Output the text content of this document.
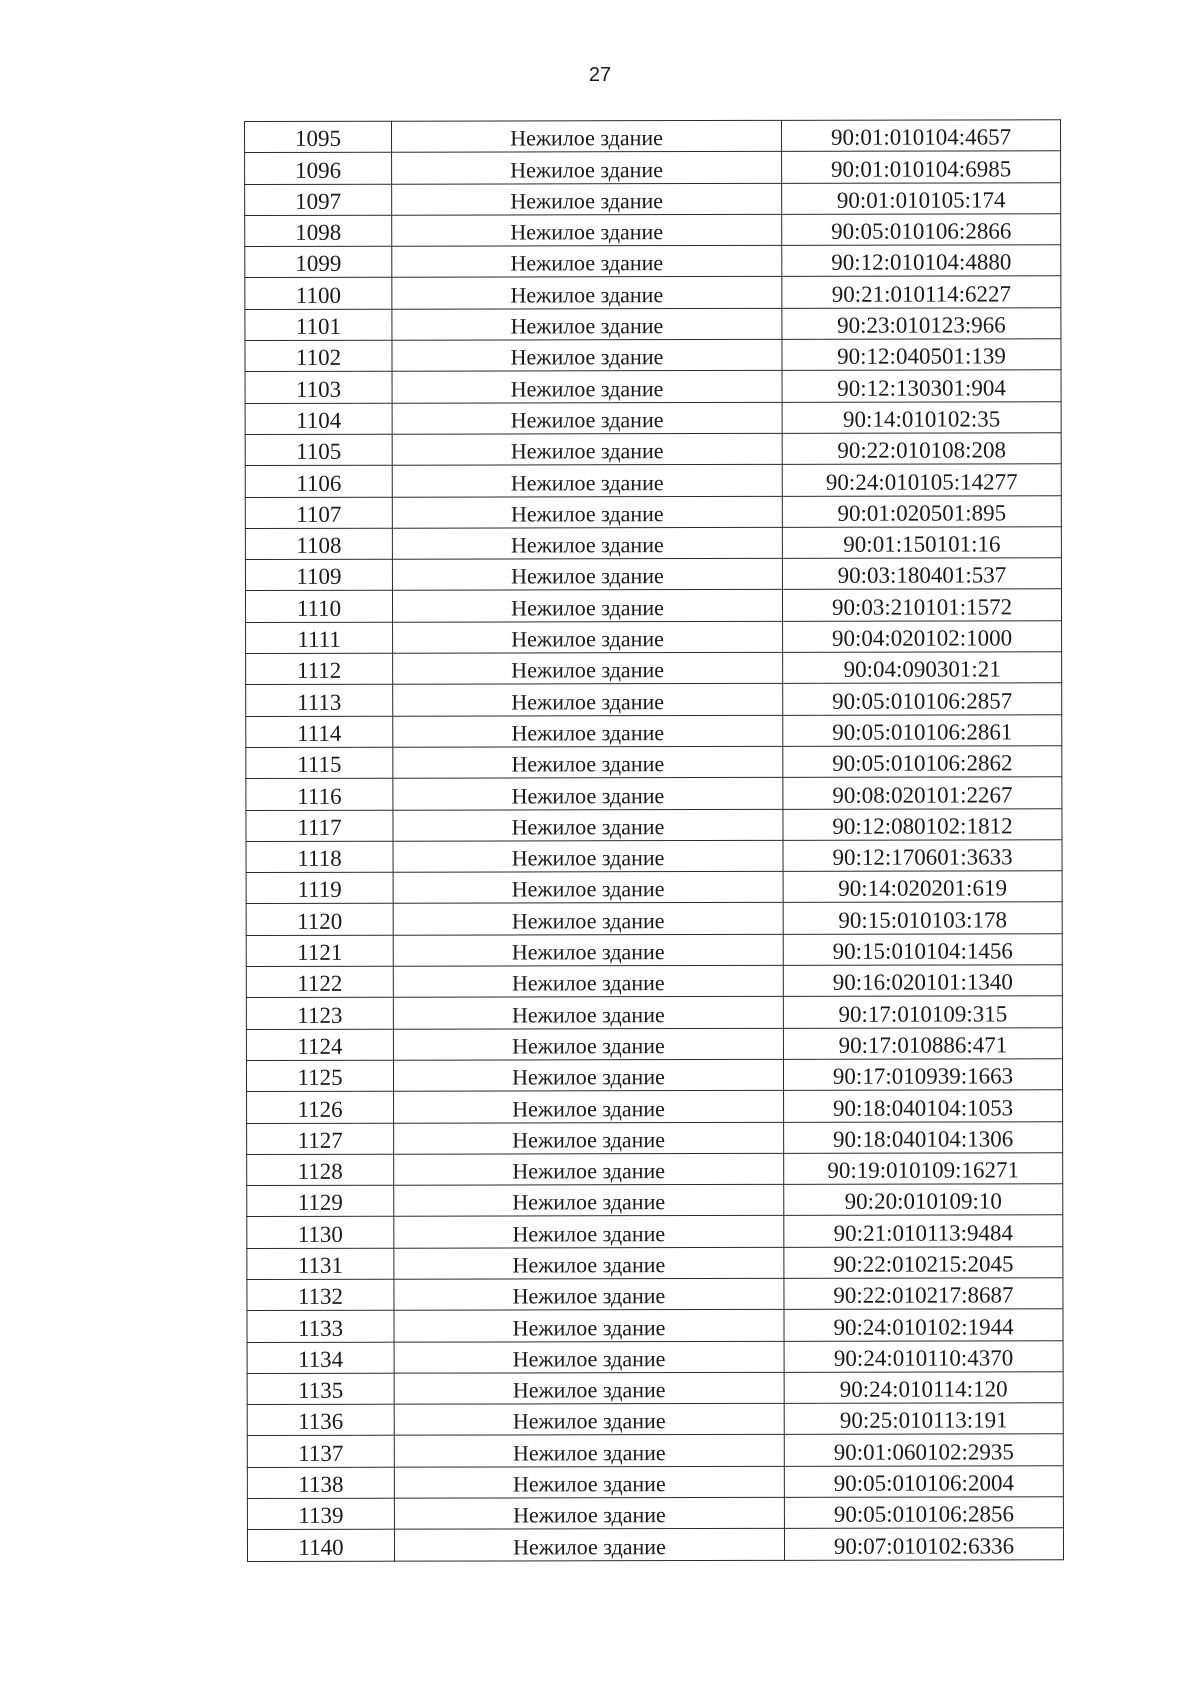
27
1095	Нежилое здание	90:01:010104:4657
1096	Нежилое здание	90:01:010104:6985
1097	Нежилое здание	90:01:010105:174
1098	Нежилое здание	90:05:010106:2866
1099	Нежилое здание	90:12:010104:4880
1100	Нежилое здание	90:21:010114:6227
1101	Нежилое здание	90:23:010123:966
1102	Нежилое здание	90:12:040501:139
1103	Нежилое здание	90:12:130301:904
1104	Нежилое здание	90:14:010102:35
1105	Нежилое здание	90:22:010108:208
1106	Нежилое здание	90:24:010105:14277
1107	Нежилое здание	90:01:020501:895
1108	Нежилое здание	90:01:150101:16
1109	Нежилое здание	90:03:180401:537
1110	Нежилое здание	90:03:210101:1572
1111	Нежилое здание	90:04:020102:1000
1112	Нежилое здание	90:04:090301:21
1113	Нежилое здание	90:05:010106:2857
1114	Нежилое здание	90:05:010106:2861
1115	Нежилое здание	90:05:010106:2862
1116	Нежилое здание	90:08:020101:2267
1117	Нежилое здание	90:12:080102:1812
1118	Нежилое здание	90:12:170601:3633
1119	Нежилое здание	90:14:020201:619
1120	Нежилое здание	90:15:010103:178
1121	Нежилое здание	90:15:010104:1456
1122	Нежилое здание	90:16:020101:1340
1123	Нежилое здание	90:17:010109:315
1124	Нежилое здание	90:17:010886:471
1125	Нежилое здание	90:17:010939:1663
1126	Нежилое здание	90:18:040104:1053
1127	Нежилое здание	90:18:040104:1306
1128	Нежилое здание	90:19:010109:16271
1129	Нежилое здание	90:20:010109:10
1130	Нежилое здание	90:21:010113:9484
1131	Нежилое здание	90:22:010215:2045
1132	Нежилое здание	90:22:010217:8687
1133	Нежилое здание	90:24:010102:1944
1134	Нежилое здание	90:24:010110:4370
1135	Нежилое здание	90:24:010114:120
1136	Нежилое здание	90:25:010113:191
1137	Нежилое здание	90:01:060102:2935
1138	Нежилое здание	90:05:010106:2004
1139	Нежилое здание	90:05:010106:2856
1140	Нежилое здание	90:07:010102:6336
